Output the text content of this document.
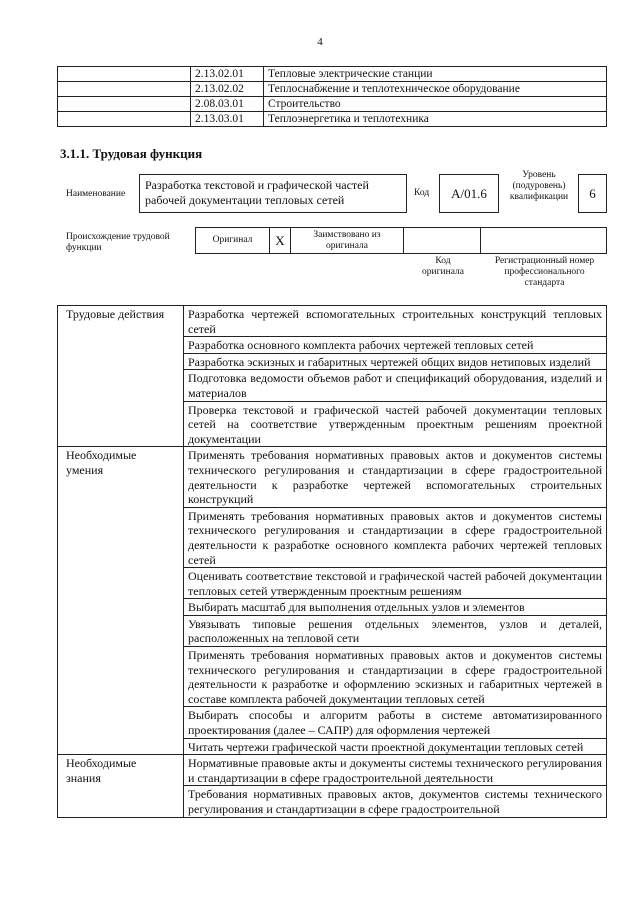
4
	2.13.02.01	Тепловые электрические станции
	2.13.02.02	Теплоснабжение и теплотехническое оборудование
	2.08.03.01	Строительство
	2.13.03.01	Теплоэнергетика и теплотехника
3.1.1. Трудовая функция
Наименование
Разработка текстовой и графической частей
рабочей документации тепловых сетей	Код	A/01.6
Уровень
(подуровень)
квалификации	6
Происхождение трудовой
функции
Оригинал	X	Заимствовано из
оригинала
Код
оригинала
Регистрационный номер
профессионального
стандарта
Трудовые действия	Разработка чертежей вспомогательных строительных конструкций тепловых сетей
	Разработка основного комплекта рабочих чертежей тепловых сетей
	Разработка эскизных и габаритных чертежей общих видов нетиповых изделий
	Подготовка ведомости объемов работ и спецификаций оборудования, изделий и материалов
	Проверка текстовой и графической частей рабочей документации тепловых сетей на соответствие утвержденным проектным решениям проектной документации

Необходимые
умения	Применять требования нормативных правовых актов и документов системы технического регулирования и стандартизации в сфере градостроительной деятельности к разработке чертежей вспомогательных строительных конструкций
	Применять требования нормативных правовых актов и документов системы технического регулирования и стандартизации в сфере градостроительной деятельности к разработке основного комплекта рабочих чертежей тепловых сетей
	Оценивать соответствие текстовой и графической частей рабочей документации тепловых сетей утвержденным проектным решениям
	Выбирать масштаб для выполнения отдельных узлов и элементов
	Увязывать типовые решения отдельных элементов, узлов и деталей, расположенных на тепловой сети
	Применять требования нормативных правовых актов и документов системы технического регулирования и стандартизации в сфере градостроительной деятельности к разработке и оформлению эскизных и габаритных чертежей в составе комплекта рабочей документации тепловых сетей
	Выбирать способы и алгоритм работы в системе автоматизированного проектирования (далее – САПР) для оформления чертежей
	Читать чертежи графической части проектной документации тепловых сетей

Необходимые
знания	Нормативные правовые акты и документы системы технического регулирования и стандартизации в сфере градостроительной деятельности
	Требования нормативных правовых актов, документов системы технического регулирования и стандартизации в сфере градостроительной
